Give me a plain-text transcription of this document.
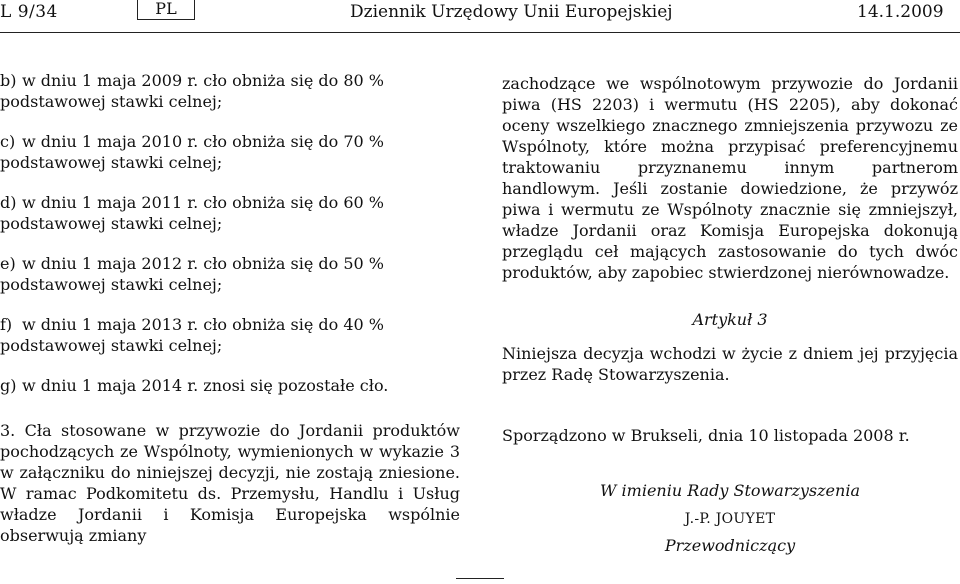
L 9/34	PL	Dziennik Urzędowy Unii Europejskiej	14.1.2009
b) w dniu 1 maja 2009 r. cło obniża się do 80 % podstawowej stawki celnej;
c) w dniu 1 maja 2010 r. cło obniża się do 70 % podstawowej stawki celnej;
d) w dniu 1 maja 2011 r. cło obniża się do 60 % podstawowej stawki celnej;
e) w dniu 1 maja 2012 r. cło obniża się do 50 % podstawowej stawki celnej;
f) w dniu 1 maja 2013 r. cło obniża się do 40 % podstawowej stawki celnej;
g) w dniu 1 maja 2014 r. znosi się pozostałe cło.

3. Cła stosowane w przywozie do Jordanii produktów pochodzących ze Wspólnoty, wymienionych w wykazie 3 w załączniku do niniejszej decyzji, nie zostają zniesione. W ramac Podkomitetu ds. Przemysłu, Handlu i Usług władze Jordanii i Komisja Europejska wspólnie obserwują zmiany

zachodzące we wspólnotowym przywozie do Jordanii piwa (HS 2203) i wermutu (HS 2205), aby dokonać oceny wszelkiego znacznego zmniejszenia przywozu ze Wspólnoty, które można przypisać preferencyjnemu traktowaniu przyznanemu innym partnerom handlowym. Jeśli zostanie dowiedzione, że przywóz piwa i wermutu ze Wspólnoty znacznie się zmniejszył, władze Jordanii oraz Komisja Europejska dokonują przeglądu ceł mających zastosowanie do tych dwóc produktów, aby zapobiec stwierdzonej nierównowadze.

Artykuł 3

Niniejsza decyzja wchodzi w życie z dniem jej przyjęcia przez Radę Stowarzyszenia.

Sporządzono w Brukseli, dnia 10 listopada 2008 r.
W imieniu Rady Stowarzyszenia
J.-P. JOUYET
Przewodniczący
